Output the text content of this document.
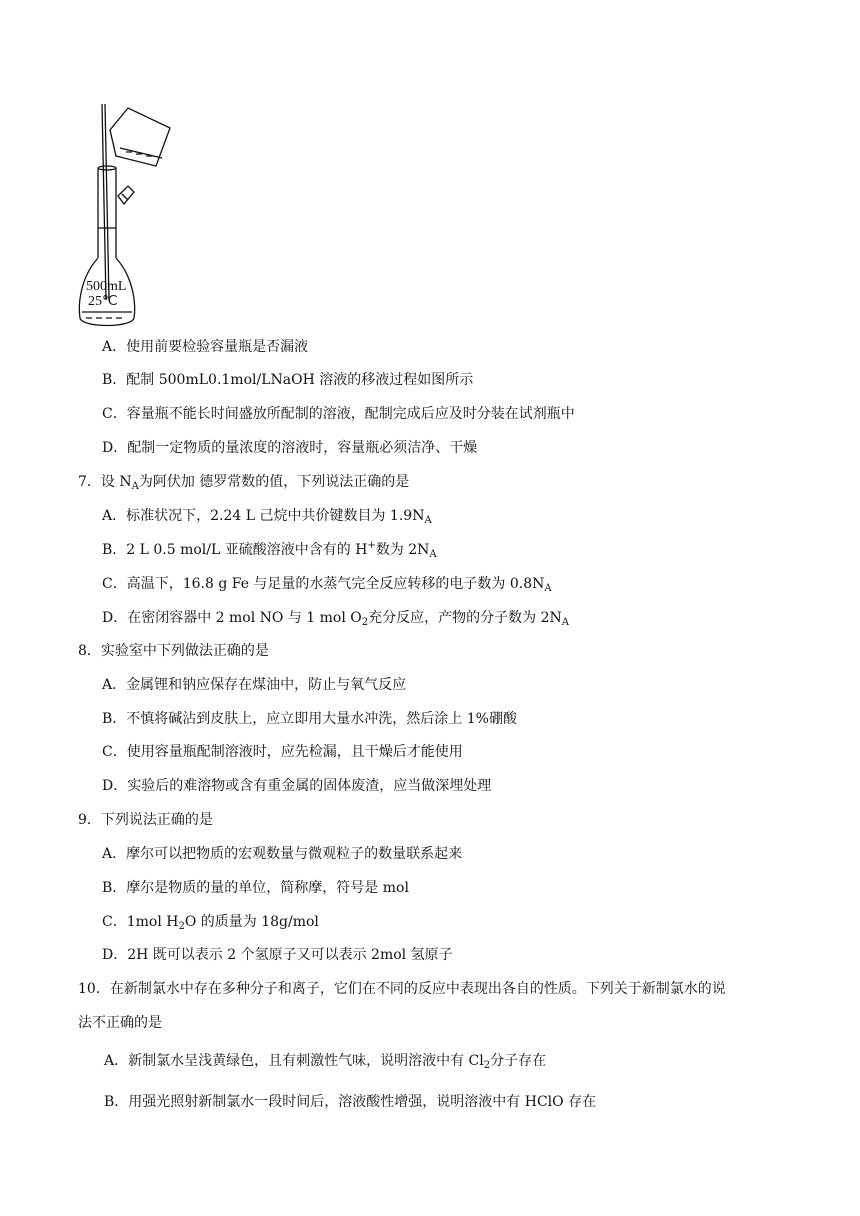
500mL
25℃
A．使用前要检验容量瓶是否漏液
B．配制 500mL0.1mol/LNaOH 溶液的移液过程如图所示
C．容量瓶不能长时间盛放所配制的溶液，配制完成后应及时分装在试剂瓶中
D．配制一定物质的量浓度的溶液时，容量瓶必须洁净、干燥
7．设 $N_A$为阿伏加 德罗常数的值，下列说法正确的是
A．标准状况下，2.24 L 己烷中共价键数目为 $1.9N_A$
B．2 L 0.5 mol/L 亚硫酸溶液中含有的 H+数为 $2N_A$
C．高温下，16.8 g Fe 与足量的水蒸气完全反应转移的电子数为 $0.8N_A$
D．在密闭容器中 2 mol NO 与 1 mol $O_2$充分反应，产物的分子数为 $2N_A$
8．实验室中下列做法正确的是
A．金属锂和钠应保存在煤油中，防止与氧气反应
B．不慎将碱沾到皮肤上，应立即用大量水冲洗，然后涂上 1%硼酸
C．使用容量瓶配制溶液时，应先检漏，且干燥后才能使用
D．实验后的难溶物或含有重金属的固体废渣，应当做深埋处理
9．下列说法正确的是
A．摩尔可以把物质的宏观数量与微观粒子的数量联系起来
B．摩尔是物质的量的单位，简称摩，符号是 mol
C．1mol $H_2O$ 的质量为 18g/mol
D．2H 既可以表示 2 个氢原子又可以表示 2mol 氢原子
10．在新制氯水中存在多种分子和离子，它们在不同的反应中表现出各自的性质。下列关于新制氯水的说
法不正确的是
A．新制氯水呈浅黄绿色，且有刺激性气味，说明溶液中有 $Cl_2$分子存在
B．用强光照射新制氯水一段时间后，溶液酸性增强，说明溶液中有 HClO 存在
